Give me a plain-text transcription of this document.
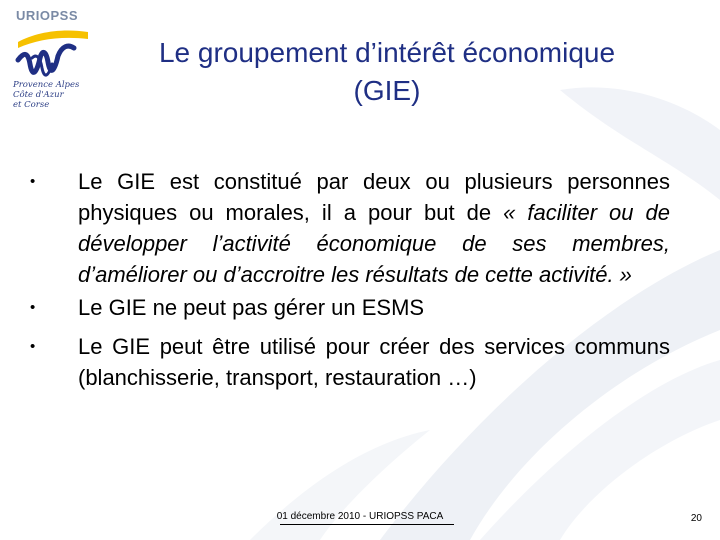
URIOPSS
Provence Alpes
Côte d'Azur
et Corse
Le groupement d’intérêt économique
(GIE)
•	Le GIE est constitué par deux ou plusieurs personnes physiques ou morales, il a pour but de « faciliter ou de développer l’activité économique de ses membres, d’améliorer ou d’accroitre les résultats de cette activité. »
•	Le GIE ne peut pas gérer un ESMS
•	Le GIE peut être utilisé pour créer des services communs (blanchisserie, transport, restauration …)
01 décembre 2010 - URIOPSS PACA	20
